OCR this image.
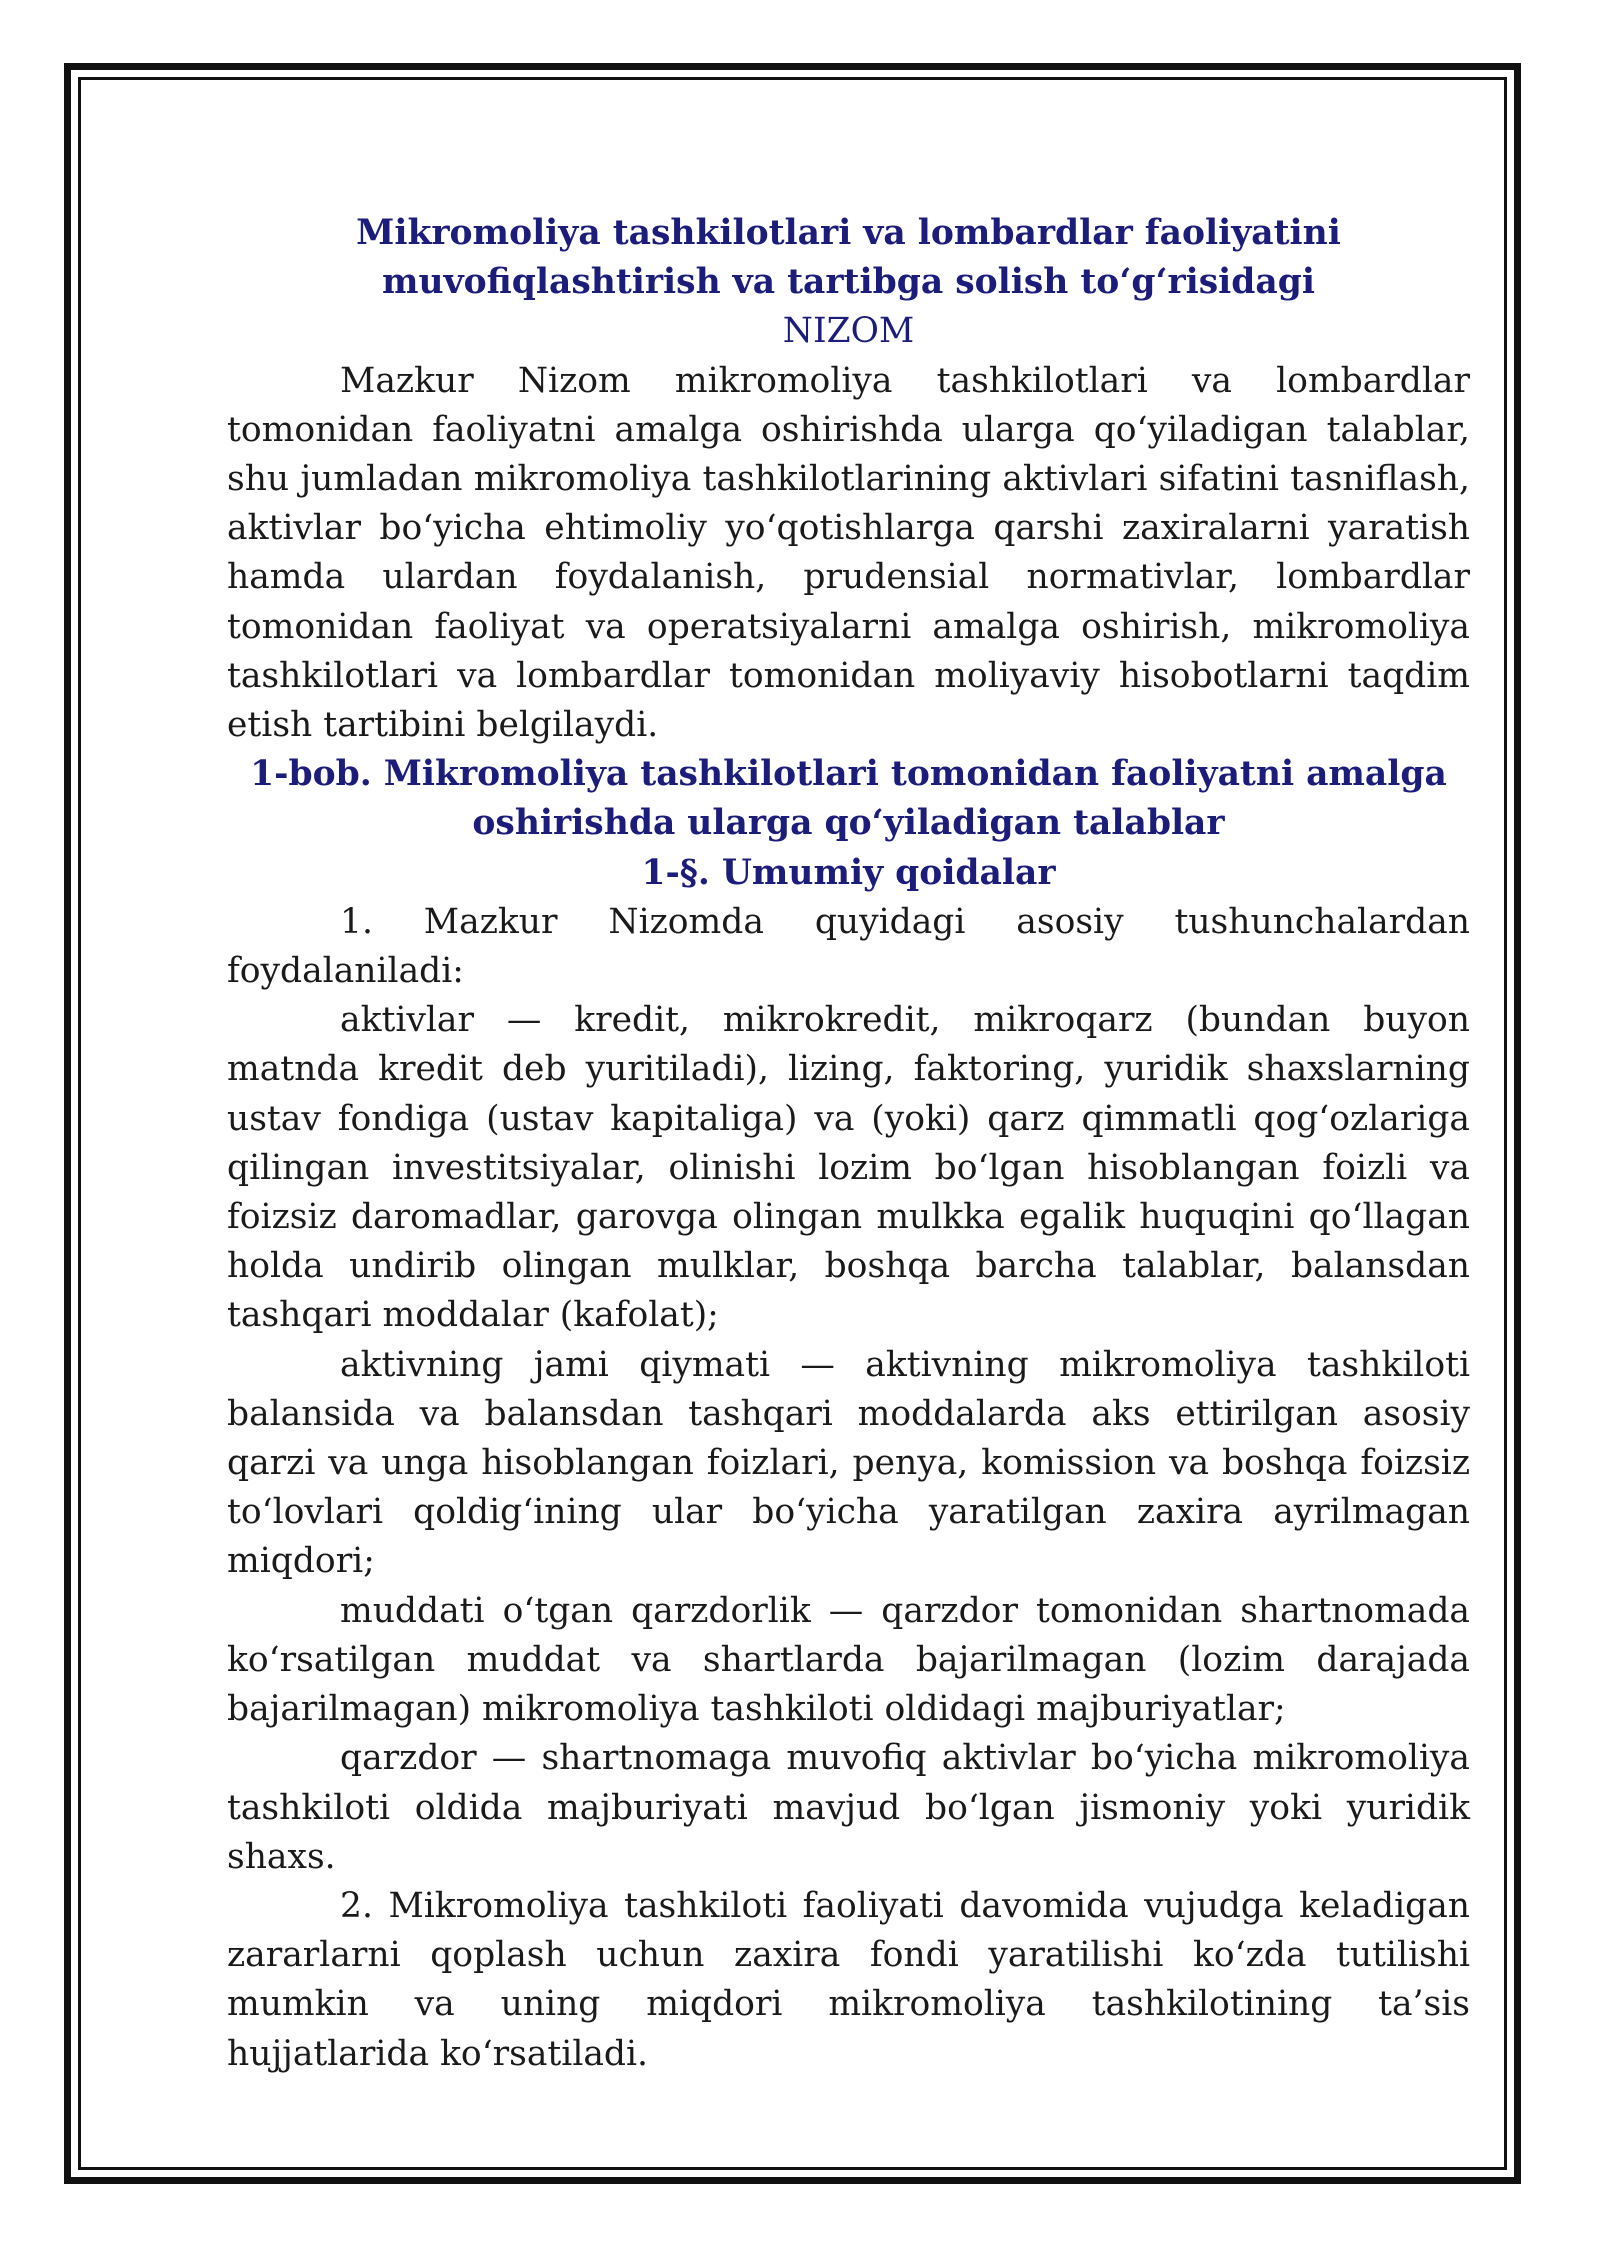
Mikromoliya tashkilotlari va lombardlar faoliyatini

muvofiqlashtirish va tartibga solish to‘g‘risidagi

NIZOM

Mazkur Nizom mikromoliya tashkilotlari va lombardlar tomonidan faoliyatni amalga oshirishda ularga qo‘yiladigan talablar, shu jumladan mikromoliya tashkilotlarining aktivlari sifatini tasniflash, aktivlar bo‘yicha ehtimoliy yo‘qotishlarga qarshi zaxiralarni yaratish hamda ulardan foydalanish, prudensial normativlar, lombardlar tomonidan faoliyat va operatsiyalarni amalga oshirish, mikromoliya tashkilotlari va lombardlar tomonidan moliyaviy hisobotlarni taqdim etish tartibini belgilaydi.

1-bob. Mikromoliya tashkilotlari tomonidan faoliyatni amalga

oshirishda ularga qo‘yiladigan talablar

1-§. Umumiy qoidalar

1. Mazkur Nizomda quyidagi asosiy tushunchalardan foydalaniladi:

aktivlar — kredit, mikrokredit, mikroqarz (bundan buyon matnda kredit deb yuritiladi), lizing, faktoring, yuridik shaxslarning ustav fondiga (ustav kapitaliga) va (yoki) qarz qimmatli qog‘ozlariga qilingan investitsiyalar, olinishi lozim bo‘lgan hisoblangan foizli va foizsiz daromadlar, garovga olingan mulkka egalik huquqini qo‘llagan holda undirib olingan mulklar, boshqa barcha talablar, balansdan tashqari moddalar (kafolat);

aktivning jami qiymati — aktivning mikromoliya tashkiloti balansida va balansdan tashqari moddalarda aks ettirilgan asosiy qarzi va unga hisoblangan foizlari, penya, komission va boshqa foizsiz to‘lovlari qoldig‘ining ular bo‘yicha yaratilgan zaxira ayrilmagan miqdori;

muddati o‘tgan qarzdorlik — qarzdor tomonidan shartnomada ko‘rsatilgan muddat va shartlarda bajarilmagan (lozim darajada bajarilmagan) mikromoliya tashkiloti oldidagi majburiyatlar;

qarzdor — shartnomaga muvofiq aktivlar bo‘yicha mikromoliya tashkiloti oldida majburiyati mavjud bo‘lgan jismoniy yoki yuridik shaxs.

2. Mikromoliya tashkiloti faoliyati davomida vujudga keladigan zararlarni qoplash uchun zaxira fondi yaratilishi ko‘zda tutilishi mumkin va uning miqdori mikromoliya tashkilotining ta’sis hujjatlarida ko‘rsatiladi.
